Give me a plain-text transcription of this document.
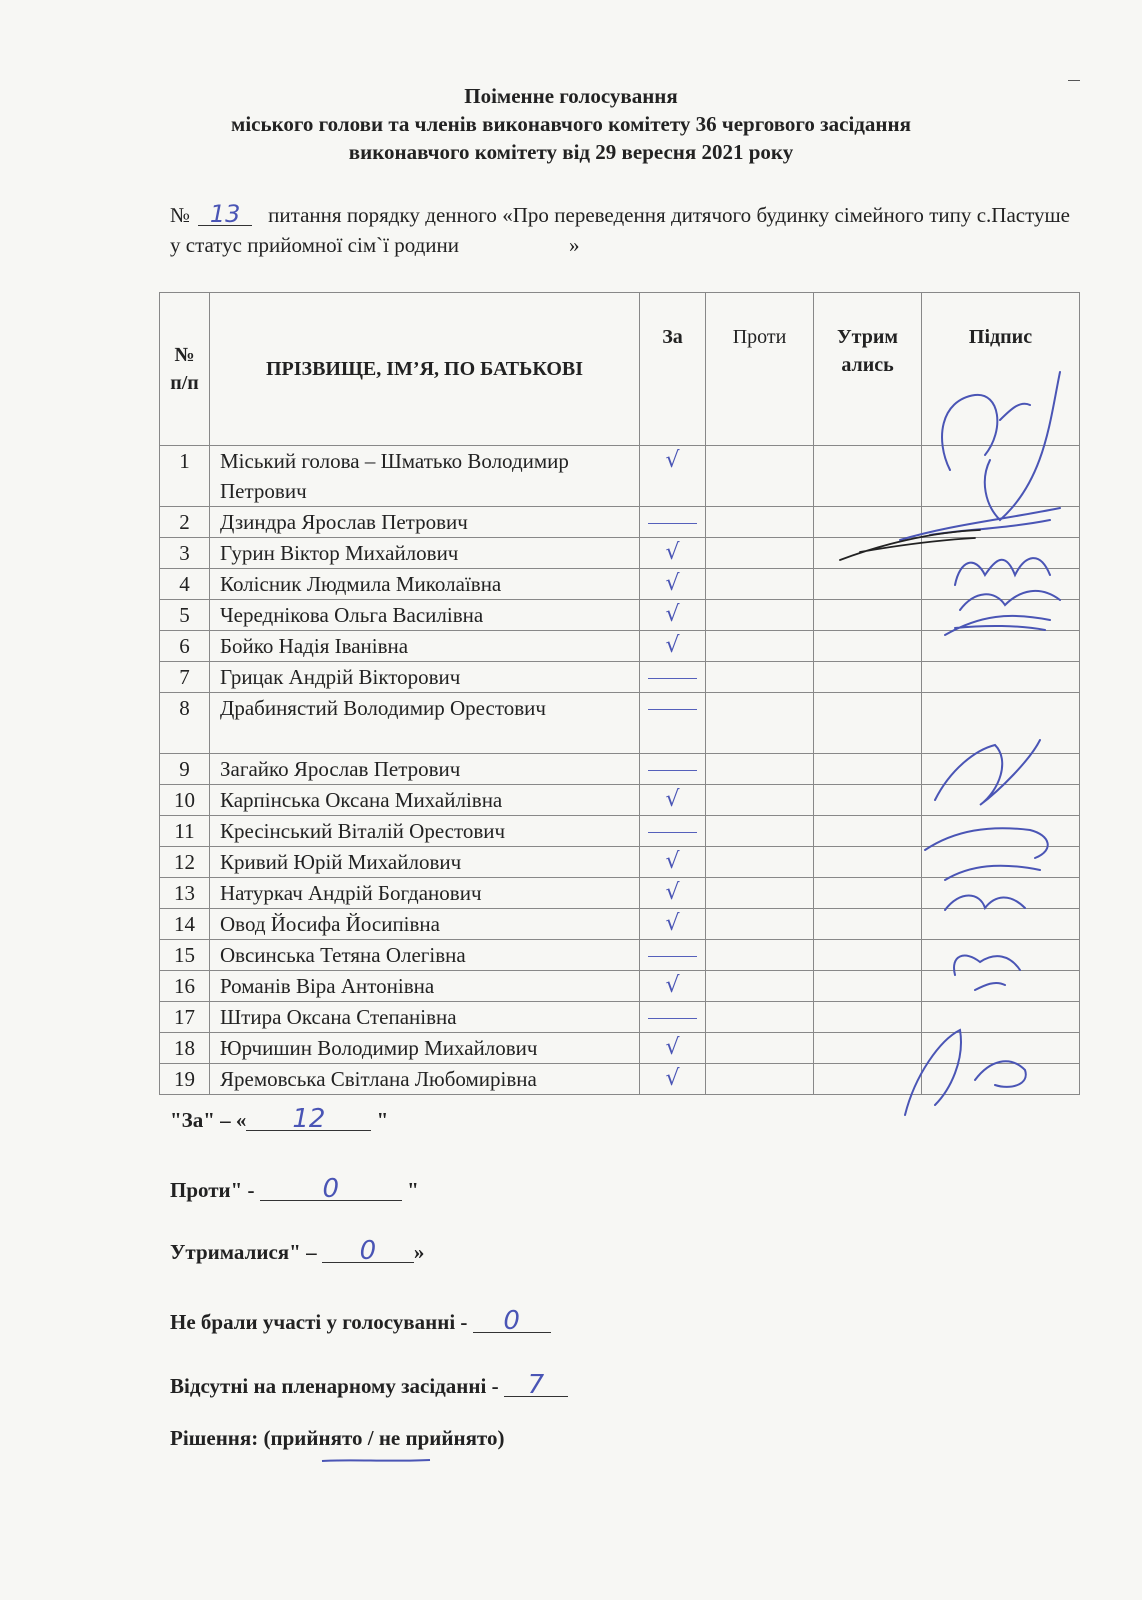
Поіменне голосування
міського голови та членів виконавчого комітету 36 чергового засідання
виконавчого комітету від 29 вересня 2021 року
№ 13 питання порядку денного «Про переведення дитячого будинку сімейного типу с.Пастуше у статус прийомної сім`ї родини	»
№ п/п	ПРІЗВИЩЕ, ІМ’Я, ПО БАТЬКОВІ	За	Проти	Утрим ались	Підпис
1	Міський голова – Шматько Володимир Петрович	√			
2	Дзиндра Ярослав Петрович	

3	Гурин Віктор Михайлович	√			
4	Колісник Людмила Миколаївна	√			
5	Череднікова Ольга Василівна	√			
6	Бойко Надія Іванівна	√			
7	Грицак Андрій Вікторович	

8	Драбинястий Володимир Орестович	

9	Загайко Ярослав Петрович	

10	Карпінська Оксана Михайлівна	√			
11	Кресінський Віталій Орестович	

12	Кривий Юрій Михайлович	√			
13	Натуркач Андрій Богданович	√			
14	Овод Йосифа Йосипівна	√			
15	Овсинська Тетяна Олегівна	

16	Романів Віра Антонівна	√			
17	Штира Оксана Степанівна	

18	Юрчишин Володимир Михайлович	√			
19	Яремовська Світлана Любомирівна	√			
"За" – « 12 "
Проти" - 0	"
Утрималися" – 0 »
Не брали участі у голосуванні - 0
Відсутні на пленарному засіданні - 7
Рішення: (прийнято / не прийнято)
